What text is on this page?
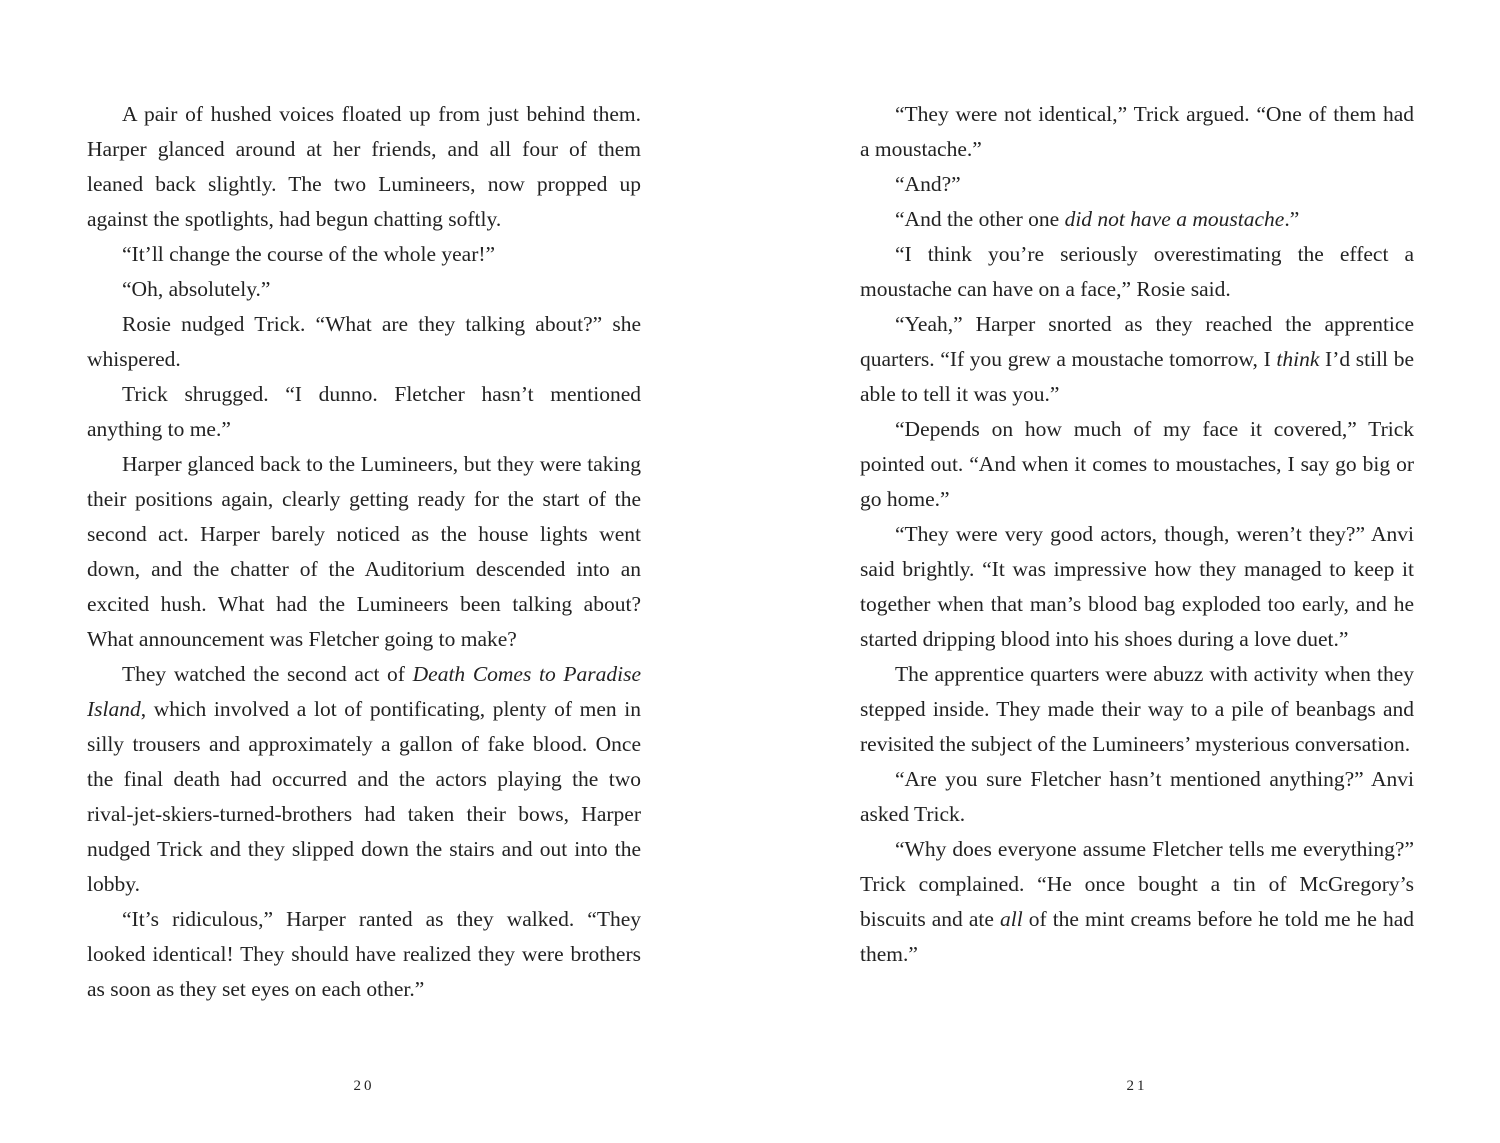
A pair of hushed voices floated up from just behind them. Harper glanced around at her friends, and all four of them leaned back slightly. The two Lumineers, now propped up against the spotlights, had begun chatting softly.

“It’ll change the course of the whole year!”

“Oh, absolutely.”

Rosie nudged Trick. “What are they talking about?” she whispered.

Trick shrugged. “I dunno. Fletcher hasn’t mentioned anything to me.”

Harper glanced back to the Lumineers, but they were taking their positions again, clearly getting ready for the start of the second act. Harper barely noticed as the house lights went down, and the chatter of the Auditorium descended into an excited hush. What had the Lumineers been talking about? What announcement was Fletcher going to make?

They watched the second act of Death Comes to Paradise Island, which involved a lot of pontificating, plenty of men in silly trousers and approximately a gallon of fake blood. Once the final death had occurred and the actors playing the two rival-jet-skiers-turned-brothers had taken their bows, Harper nudged Trick and they slipped down the stairs and out into the lobby.

“It’s ridiculous,” Harper ranted as they walked. “They looked identical! They should have realized they were brothers as soon as they set eyes on each other.”

“They were not identical,” Trick argued. “One of them had a moustache.”

“And?”

“And the other one did not have a moustache.”

“I think you’re seriously overestimating the effect a moustache can have on a face,” Rosie said.

“Yeah,” Harper snorted as they reached the apprentice quarters. “If you grew a moustache tomorrow, I think I’d still be able to tell it was you.”

“Depends on how much of my face it covered,” Trick pointed out. “And when it comes to moustaches, I say go big or go home.”

“They were very good actors, though, weren’t they?” Anvi said brightly. “It was impressive how they managed to keep it together when that man’s blood bag exploded too early, and he started dripping blood into his shoes during a love duet.”

The apprentice quarters were abuzz with activity when they stepped inside. They made their way to a pile of beanbags and revisited the subject of the Lumineers’ mysterious conversation.

“Are you sure Fletcher hasn’t mentioned anything?” Anvi asked Trick.

“Why does everyone assume Fletcher tells me everything?” Trick complained. “He once bought a tin of McGregory’s biscuits and ate all of the mint creams before he told me he had them.”

20	21
